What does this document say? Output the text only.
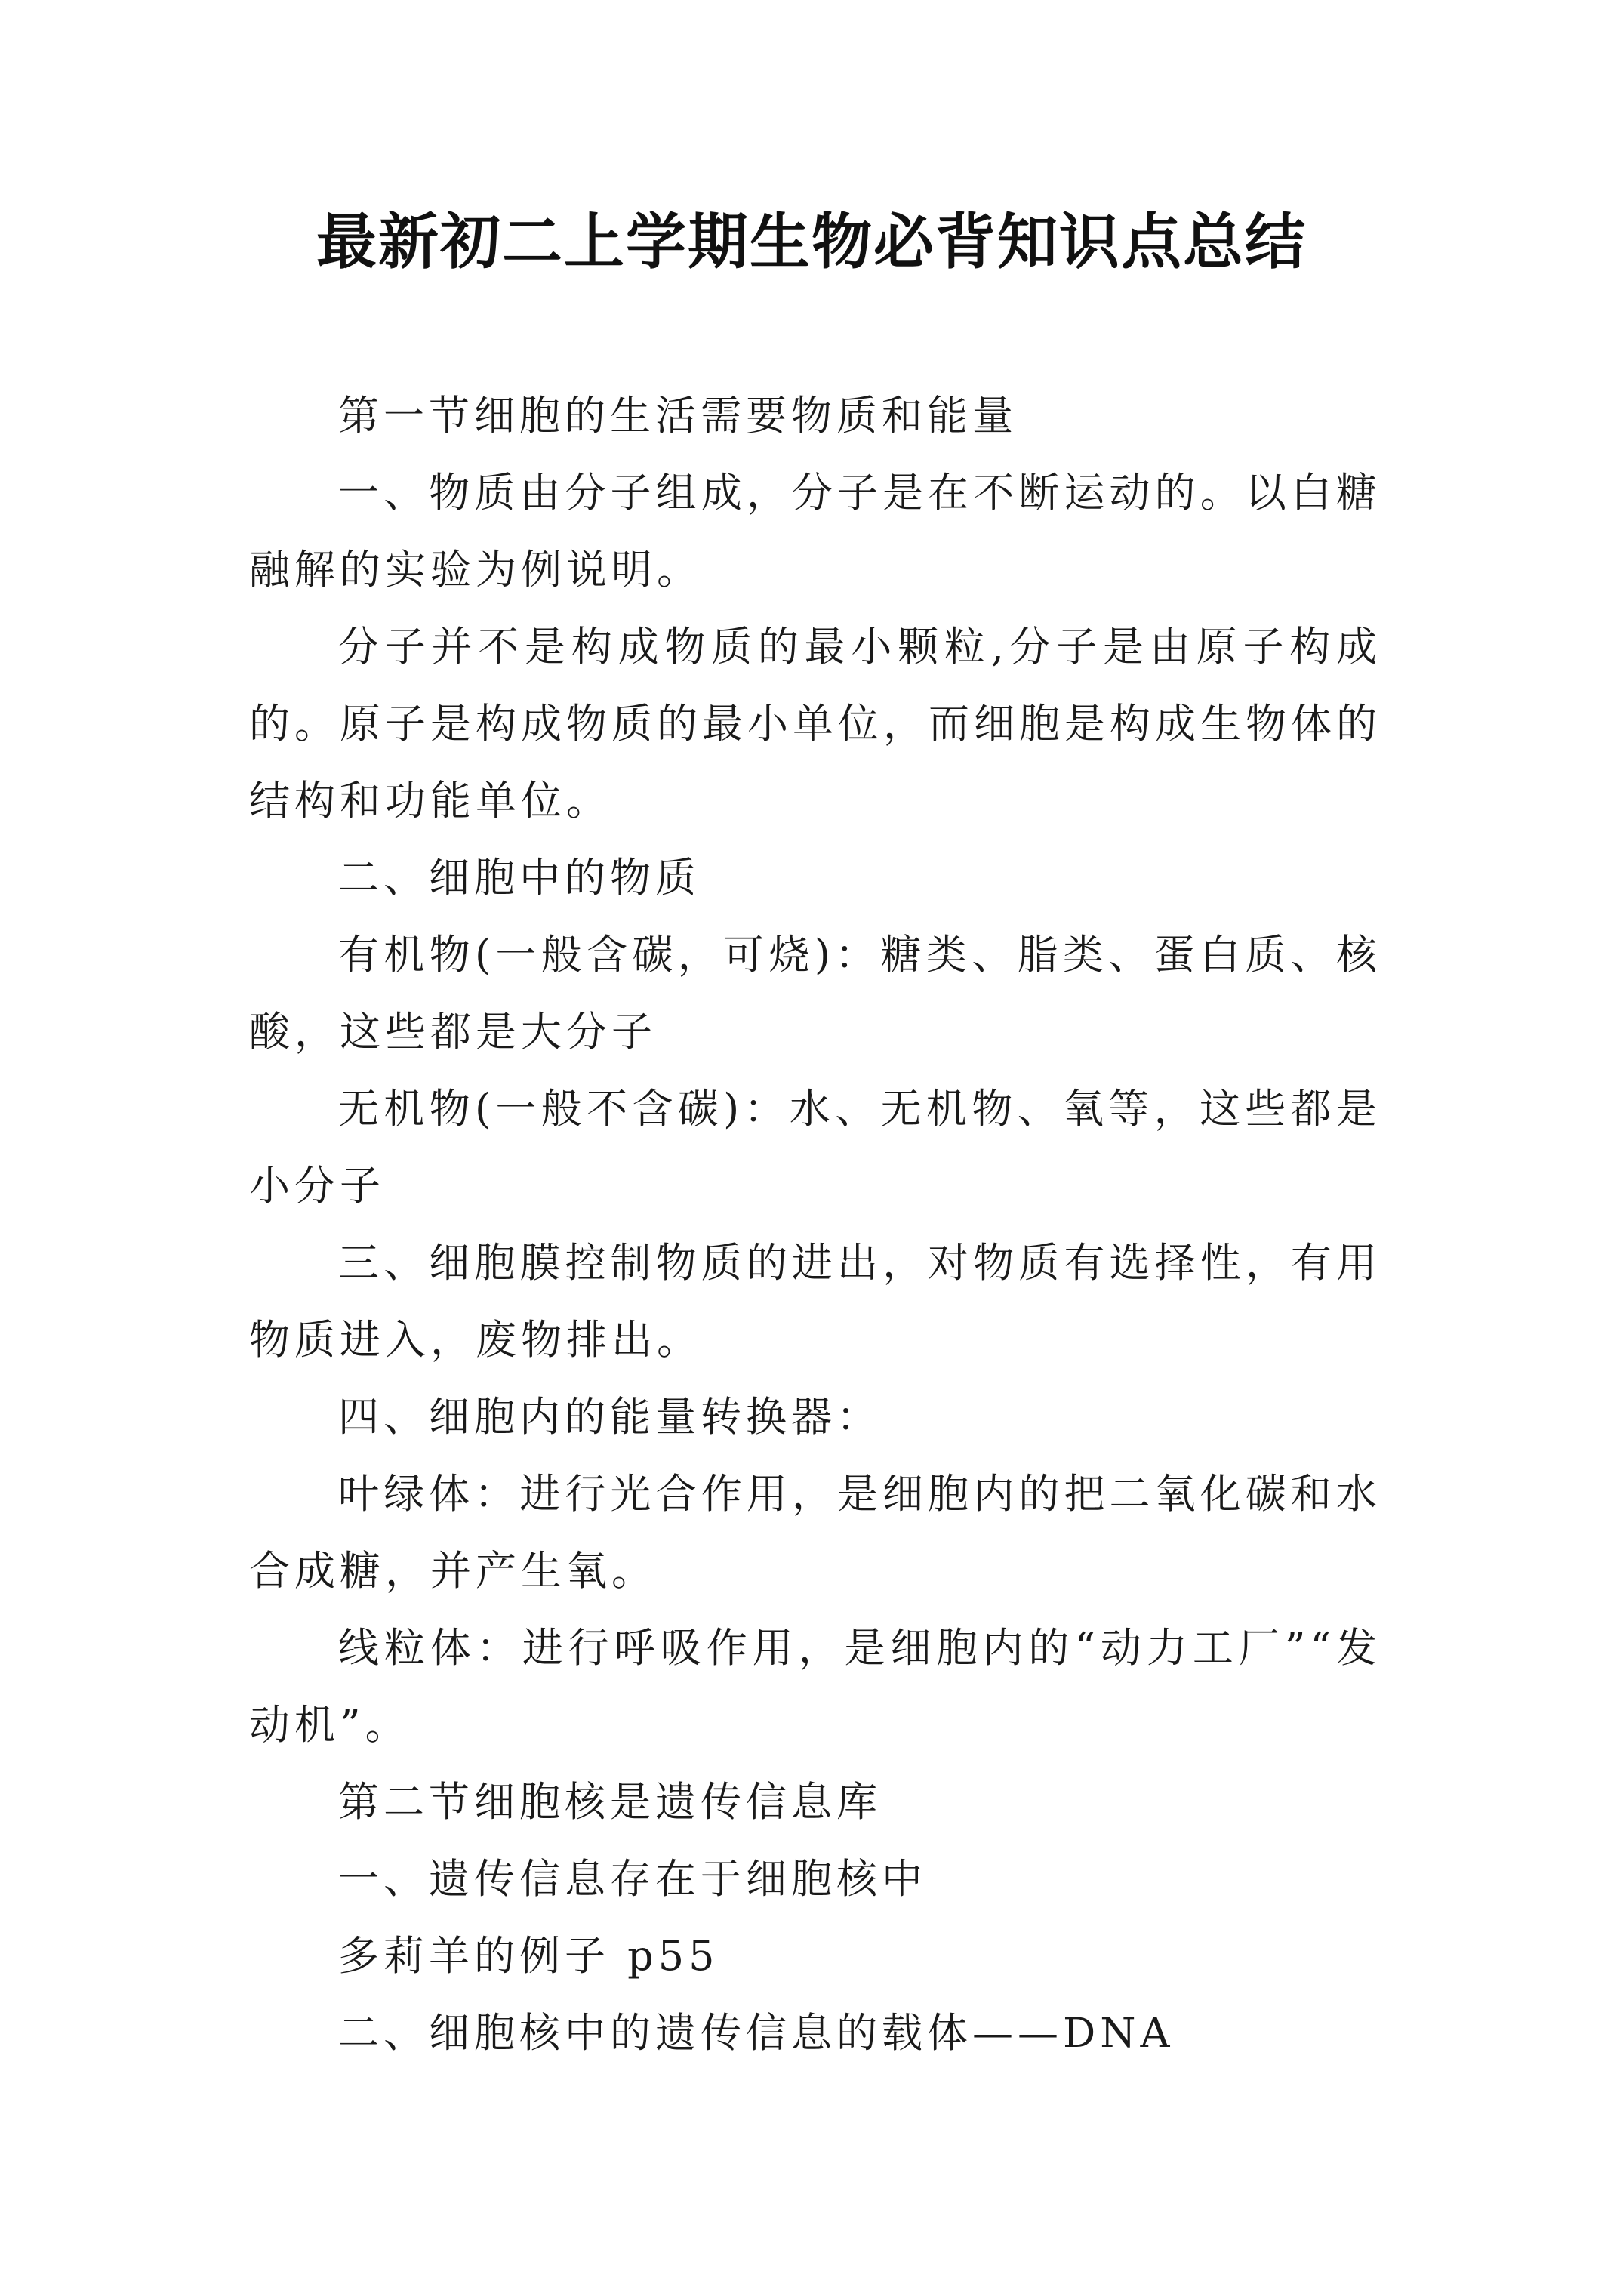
最新初二上学期生物必背知识点总结

第一节细胞的生活需要物质和能量

一、物质由分子组成，分子是在不断运动的。以白糖融解的实验为例说明。

分子并不是构成物质的最小颗粒,分子是由原子构成的。原子是构成物质的最小单位，而细胞是构成生物体的结构和功能单位。

二、细胞中的物质

有机物(一般含碳，可烧)：糖类、脂类、蛋白质、核酸，这些都是大分子

无机物(一般不含碳)：水、无机物、氧等，这些都是小分子

三、细胞膜控制物质的进出，对物质有选择性，有用物质进入，废物排出。

四、细胞内的能量转换器：

叶绿体：进行光合作用，是细胞内的把二氧化碳和水合成糖，并产生氧。

线粒体：进行呼吸作用，是细胞内的“动力工厂”“发动机”。

第二节细胞核是遗传信息库

一、遗传信息存在于细胞核中

多莉羊的例子 p55

二、细胞核中的遗传信息的载体——DNA
